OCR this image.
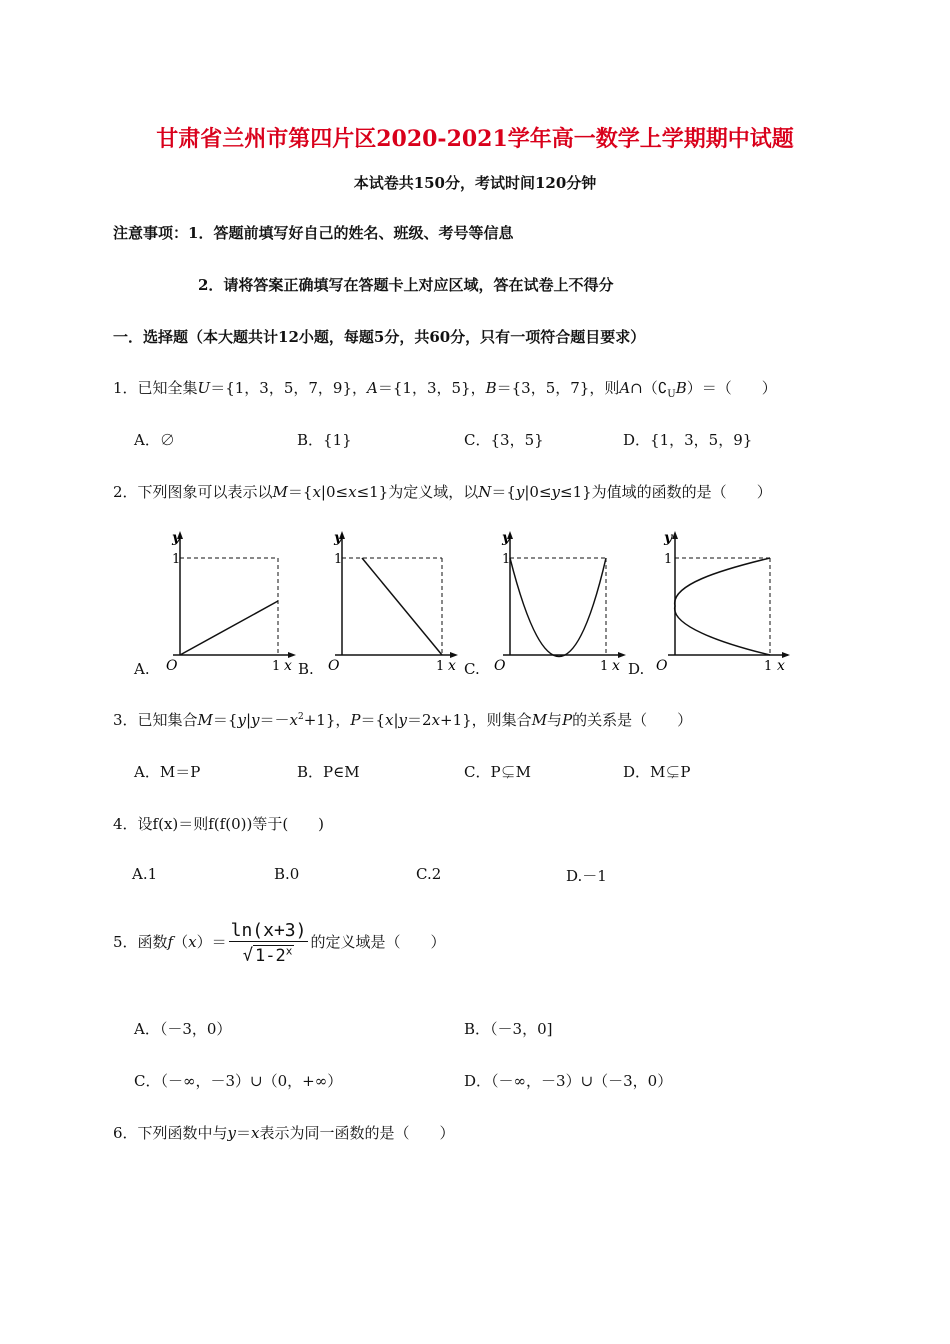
甘肃省兰州市第四片区2020-2021学年高一数学上学期期中试题
本试卷共150分，考试时间120分钟
注意事项：1．答题前填写好自己的姓名、班级、考号等信息
2．请将答案正确填写在答题卡上对应区域，答在试卷上不得分
一．选择题（本大题共计12小题，每题5分，共60分，只有一项符合题目要求）
1．已知全集U＝{1，3，5，7，9}，A＝{1，3，5}，B＝{3，5，7}，则$A\cap(∁_UB)=$（　　）
A．∅	B．{1}	C．{3，5}	D．{1，3，5，9}
2．下列图象可以表示以M＝{x|0≤x≤1}为定义域，以N＝{y|0≤y≤1}为值域的函数的是（　　）
y
1
O	1 x
A.
y
1
O	1 x
B.
y
1
O	1 x
C.
y
1
O	1 x
D.
3．已知集合$M=\{y|y=-x^2+1\}$，P＝{x|y＝2x+1}，则集合M与P的关系是（　　）
A．M＝P	B．P∈M	C．P⊊M	D．M⊊P
4．设f(x)＝则f(f(0))等于(　　)
A.1	B.0	C.2	D.－1
5．函数$f(x)= \frac{\ln(x+3)}{√ 1-2^x}$ 的定义域是（　　）
A．（－3，0）	B．（－3，0]
C．（－∞，－3）∪（0，+∞）	D．（－∞，－3）∪（－3，0）
6．下列函数中与y＝x表示为同一函数的是（　　）
